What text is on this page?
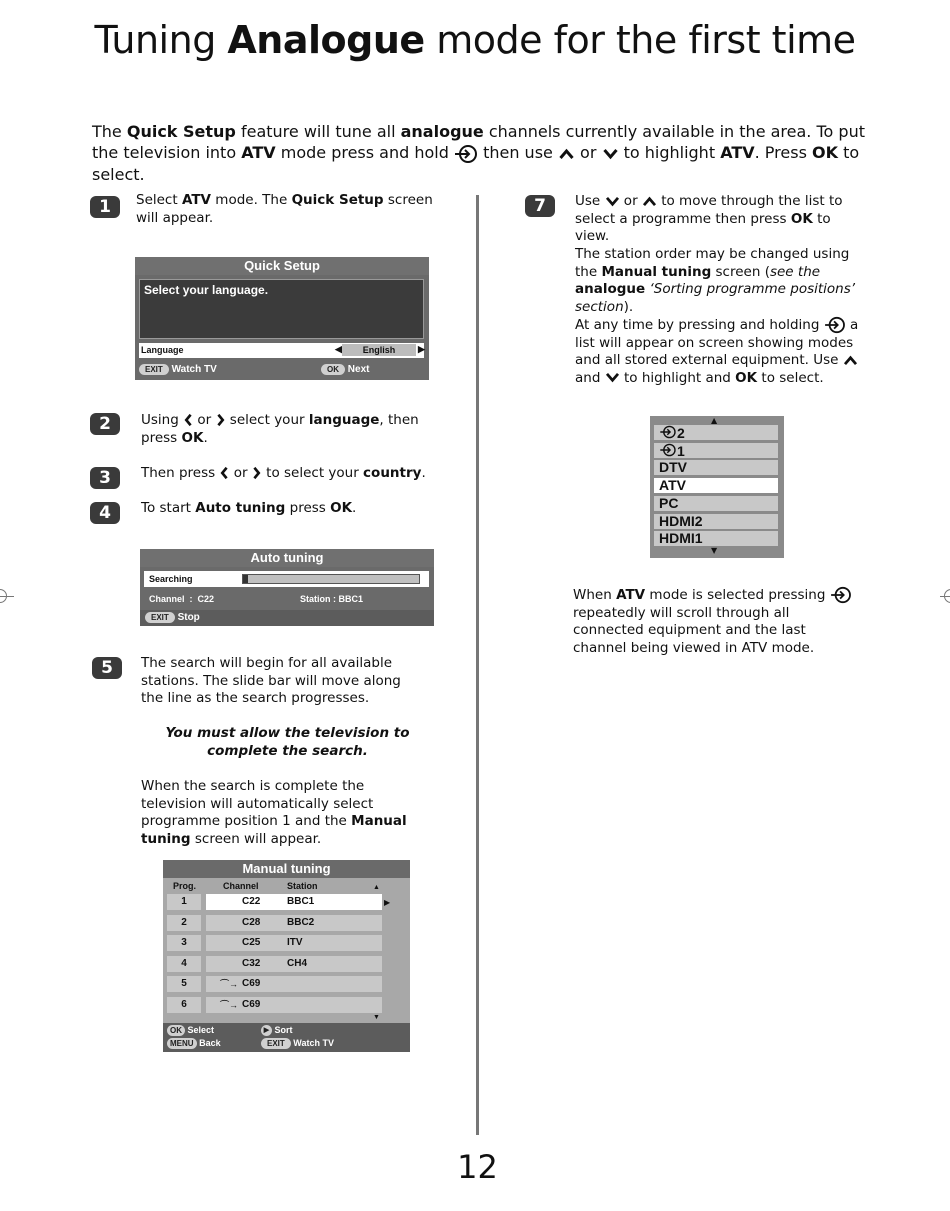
Tuning Analogue mode for the first time
The Quick Setup feature will tune all analogue channels currently available in the area. To put the television into ATV mode press and hold  then use  or  to highlight ATV. Press OK to select.
1	Select ATV mode. The Quick Setup screen will appear.
Quick Setup
Select your language.
Language	◀	English	▶
EXIT Watch TV	OK Next
2	Using  or  select your language, then press OK.
3	Then press  or  to select your country.
4	To start Auto tuning press OK.
Auto tuning
Searching
Channel  :  C22	Station : BBC1
EXIT Stop
5	The search will begin for all available stations. The slide bar will move along the line as the search progresses.
You must allow the television to complete the search.
When the search is complete the television will automatically select programme position 1 and the Manual tuning screen will appear.
Manual tuning
Prog.	Channel	Station	▲
1	C22	BBC1
2	C28	BBC2
3	C25	ITV
4	C32	CH4
5	⌒→ C69
6	⌒→ C69
▼
▶
OK Select	▶ Sort
MENU Back	EXIT Watch TV
7	Use  or  to move through the list to select a programme then press OK to view.
The station order may be changed using the Manual tuning screen (see the analogue ‘Sorting programme positions’ section).
At any time by pressing and holding  a list will appear on screen showing modes and all stored external equipment. Use  and  to highlight and OK to select.
▲
2
1
DTV
ATV
PC
HDMI2
HDMI1
▼
When ATV mode is selected pressing  repeatedly will scroll through all connected equipment and the last channel being viewed in ATV mode.
12
